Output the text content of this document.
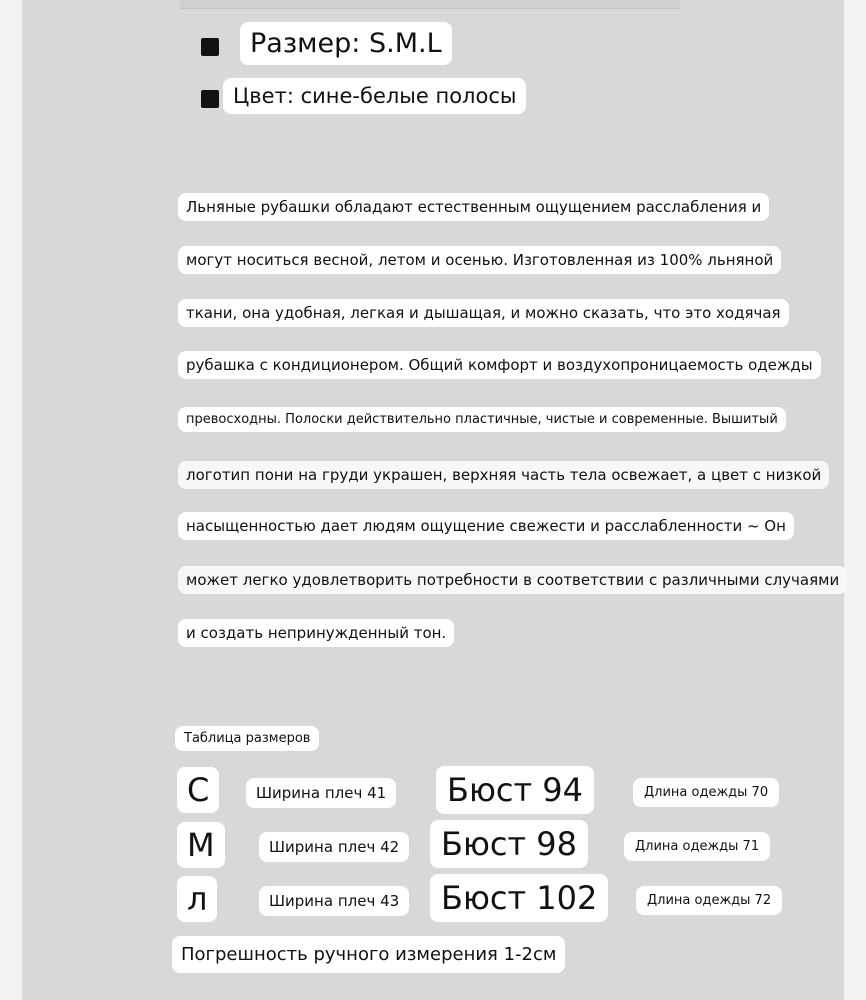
Размер: S.M.L
Цвет: сине-белые полосы
Льняные рубашки обладают естественным ощущением расслабления и
могут носиться весной, летом и осенью. Изготовленная из 100% льняной
ткани, она удобная, легкая и дышащая, и можно сказать, что это ходячая
рубашка с кондиционером. Общий комфорт и воздухопроницаемость одежды
превосходны. Полоски действительно пластичные, чистые и современные. Вышитый
логотип пони на груди украшен, верхняя часть тела освежает, а цвет с низкой
насыщенностью дает людям ощущение свежести и расслабленности ~ Он
может легко удовлетворить потребности в соответствии с различными случаями
и создать непринужденный тон.
Таблица размеров
С	Ширина плеч 41	Бюст 94	Длина одежды 70
М	Ширина плеч 42	Бюст 98	Длина одежды 71
л	Ширина плеч 43	Бюст 102	Длина одежды 72
Погрешность ручного измерения 1-2см
